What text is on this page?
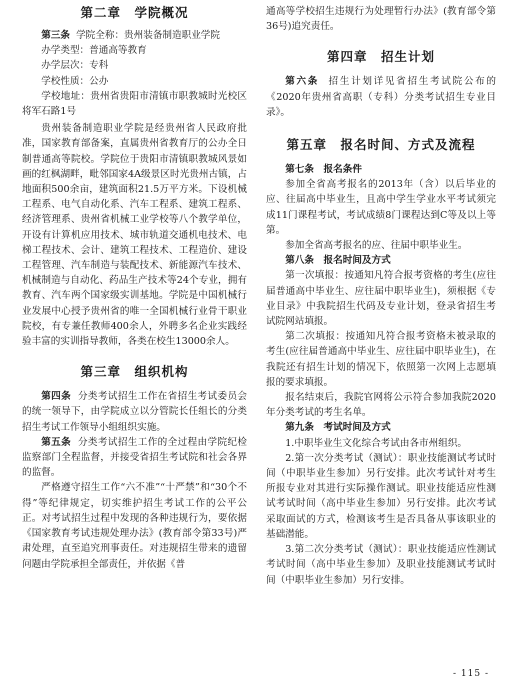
第二章　学院概况

第三条 学院全称：贵州装备制造职业学院

办学类型：普通高等教育

办学层次：专科

学校性质：公办

学校地址：贵州省贵阳市清镇市职教城时光校区将军石路1号

贵州装备制造职业学院是经贵州省人民政府批准，国家教育部备案，直属贵州省教育厅的公办全日制普通高等院校。学院位于贵阳市清镇职教城风景如画的红枫湖畔，毗邻国家4A级景区时光贵州古镇，占地面积500余亩，建筑面积21.5万平方米。下设机械工程系、电气自动化系、汽车工程系、建筑工程系、经济管理系、贵州省机械工业学校等八个教学单位，开设有计算机应用技术、城市轨道交通机电技术、电梯工程技术、会计、建筑工程技术、工程造价、建设工程管理、汽车制造与装配技术、新能源汽车技术、机械制造与自动化、药品生产技术等24个专业，拥有教育、汽车两个国家级实训基地。学院是中国机械行业发展中心授予贵州省的唯一全国机械行业骨干职业院校，有专兼任教师400余人，外聘多名企业实践经验丰富的实训指导教师，各类在校生13000余人。

第三章　组织机构

第四条 分类考试招生工作在省招生考试委员会的统一领导下，由学院成立以分管院长任组长的分类招生考试工作领导小组组织实施。

第五条 分类考试招生工作的全过程由学院纪检监察部门全程监督，并接受省招生考试院和社会各界的监督。

严格遵守招生工作“六不准”“十严禁”和“30个不得”等纪律规定，切实维护招生考试工作的公平公正。对考试招生过程中发现的各种违规行为，要依据《国家教育考试违规处理办法》(教育部令第33号)严肃处理，直至追究刑事责任。对违规招生带来的遗留问题由学院承担全部责任，并依据《普

通高等学校招生违规行为处理暂行办法》(教育部令第36号)追究责任。

第四章　招生计划

第六条 招生计划详见省招生考试院公布的《2020年贵州省高职（专科）分类考试招生专业目录》。

第五章　报名时间、方式及流程

第七条　报名条件

参加全省高考报名的2013年（含）以后毕业的应、往届高中毕业生，且高中学生学业水平考试须完成11门课程考试，考试成绩8门课程达到C等及以上等第。

参加全省高考报名的应、往届中职毕业生。

第八条　报名时间及方式

第一次填报：按通知凡符合报考资格的考生(应往届普通高中毕业生、应往届中职毕业生)，须根据《专业目录》中我院招生代码及专业计划，登录省招生考试院网站填报。

第二次填报：按通知凡符合报考资格未被录取的考生(应往届普通高中毕业生、应往届中职毕业生)，在我院还有招生计划的情况下，依照第一次网上志愿填报的要求填报。

报名结束后，我院官网将公示符合参加我院2020年分类考试的考生名单。

第九条　考试时间及方式

1.中职毕业生文化综合考试由各市州组织。

2.第一次分类考试（测试）：职业技能测试考试时间（中职毕业生参加）另行安排。此次考试针对考生所报专业对其进行实际操作测试。职业技能适应性测试考试时间（高中毕业生参加）另行安排。此次考试采取面试的方式，检测该考生是否具备从事该职业的基础潜能。

3.第二次分类考试（测试）：职业技能适应性测试考试时间（高中毕业生参加）及职业技能测试考试时间（中职毕业生参加）另行安排。

- 115 -
